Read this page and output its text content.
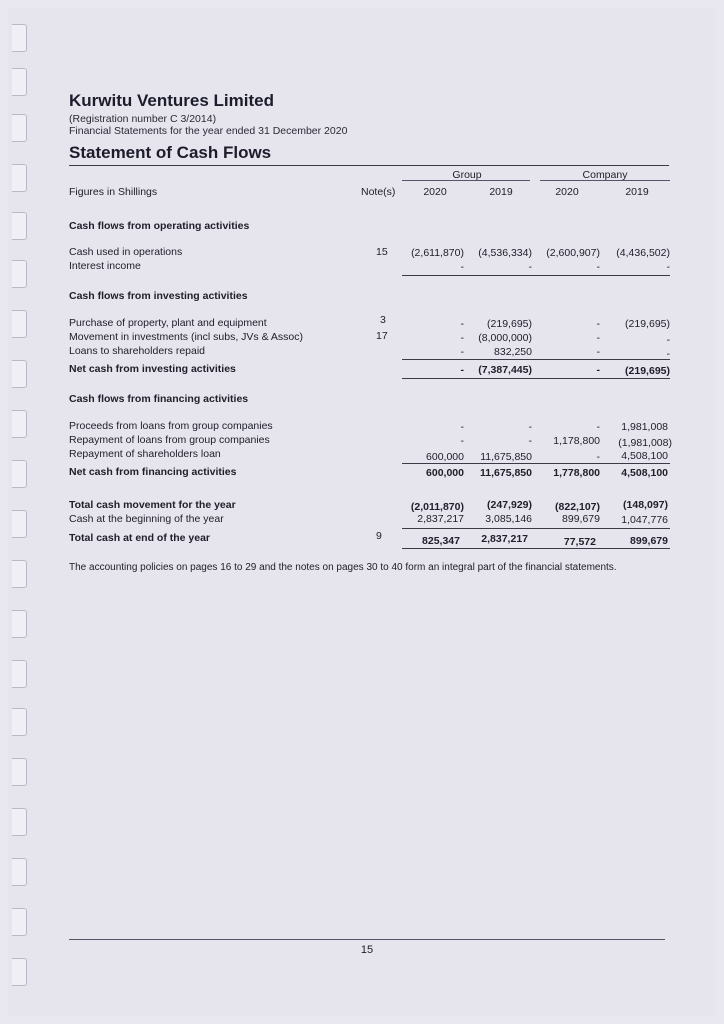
Kurwitu Ventures Limited
(Registration number C 3/2014)
Financial Statements for the year ended 31 December 2020
Statement of Cash Flows
Group	Company
Figures in Shillings	Note(s)	2020	2019	2020	2019
Cash flows from operating activities
Cash used in operations	15	(2,611,870)	(4,536,334)	(2,600,907)	(4,436,502)
Interest income	-	-	-	-
Cash flows from investing activities
Purchase of property, plant and equipment	3	-	(219,695)	-	(219,695)
Movement in investments (incl subs, JVs & Assoc)	17	-	(8,000,000)	-	-
Loans to shareholders repaid	-	832,250	-	-
Net cash from investing activities	-	(7,387,445)	-	(219,695)
Cash flows from financing activities
Proceeds from loans from group companies	-	-	-	1,981,008
Repayment of loans from group companies	-	-	1,178,800	(1,981,008)
Repayment of shareholders loan	600,000	11,675,850	-	4,508,100
Net cash from financing activities	600,000	11,675,850	1,778,800	4,508,100
Total cash movement for the year	(2,011,870)	(247,929)	(822,107)	(148,097)
Cash at the beginning of the year	2,837,217	3,085,146	899,679	1,047,776
Total cash at end of the year	9	825,347	2,837,217	77,572	899,679
The accounting policies on pages 16 to 29 and the notes on pages 30 to 40 form an integral part of the financial statements.
15
